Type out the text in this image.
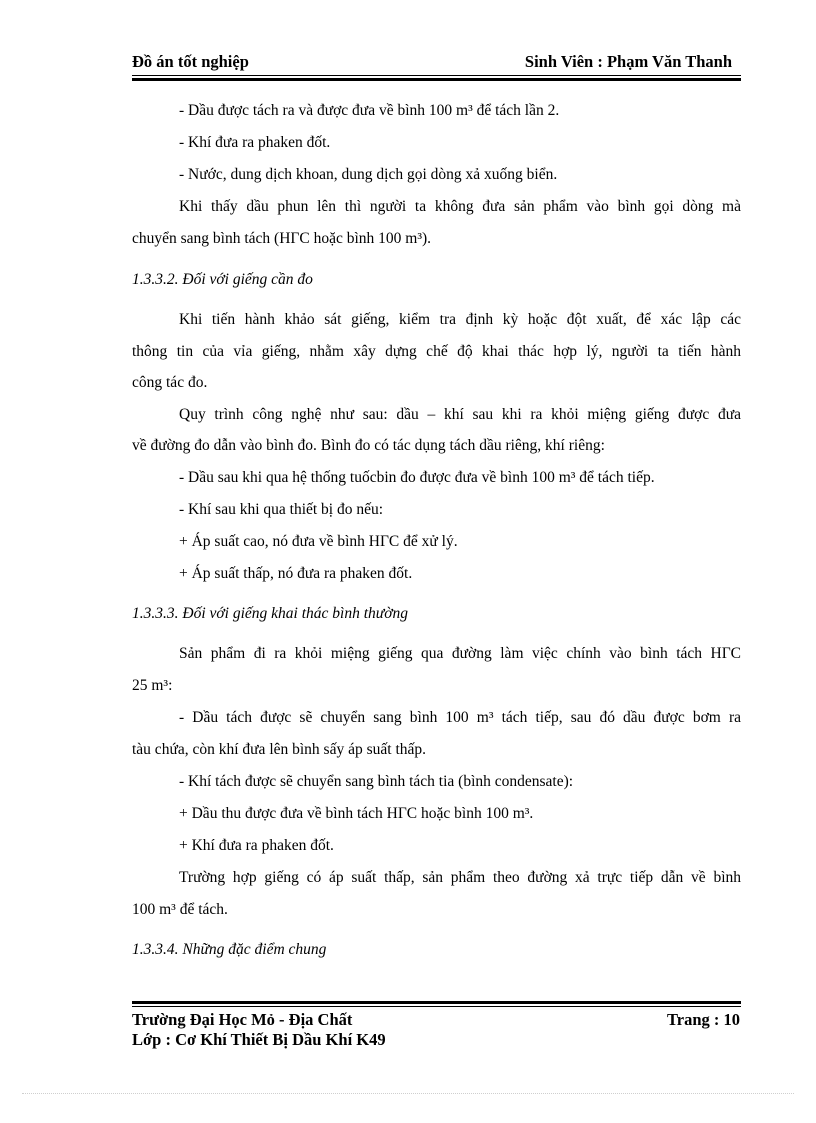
Đồ án tốt nghiệp	Sinh Viên : Phạm Văn Thanh
- Dầu được tách ra và được đưa về bình 100 m³ để tách lần 2.
- Khí đưa ra phaken đốt.
- Nước, dung dịch khoan, dung dịch gọi dòng xả xuống biển.
Khi thấy dầu phun lên thì người ta không đưa sản phẩm vào bình gọi dòng mà
chuyển sang bình tách (HΓC hoặc bình 100 m³).
1.3.3.2. Đối với giếng cần đo
Khi tiến hành khảo sát giếng, kiểm tra định kỳ hoặc đột xuất, để xác lập các
thông tin của vỉa giếng, nhằm xây dựng chế độ khai thác hợp lý, người ta tiến hành
công tác đo.
Quy trình công nghệ như sau: dầu – khí sau khi ra khỏi miệng giếng được đưa
về đường đo dẫn vào bình đo. Bình đo có tác dụng tách dầu riêng, khí riêng:
- Dầu sau khi qua hệ thống tuốcbin đo được đưa về bình 100 m³ để tách tiếp.
- Khí sau khi qua thiết bị đo nếu:
+ Áp suất cao, nó đưa về bình HΓC để xử lý.
+ Áp suất thấp, nó đưa ra phaken đốt.
1.3.3.3. Đối với giếng khai thác bình thường
Sản phẩm đi ra khỏi miệng giếng qua đường làm việc chính vào bình tách HΓC
25 m³:
- Dầu tách được sẽ chuyển sang bình 100 m³ tách tiếp, sau đó dầu được bơm ra
tàu chứa, còn khí đưa lên bình sấy áp suất thấp.
- Khí tách được sẽ chuyển sang bình tách tia (bình condensate):
+ Dầu thu được đưa về bình tách HΓC hoặc bình 100 m³.
+ Khí đưa ra phaken đốt.
Trường hợp giếng có áp suất thấp, sản phẩm theo đường xả trực tiếp dẫn về bình
100 m³ để tách.
1.3.3.4. Những đặc điểm chung
Trường Đại Học Mỏ - Địa Chất	Trang : 10
Lớp : Cơ Khí Thiết Bị Dầu Khí K49
